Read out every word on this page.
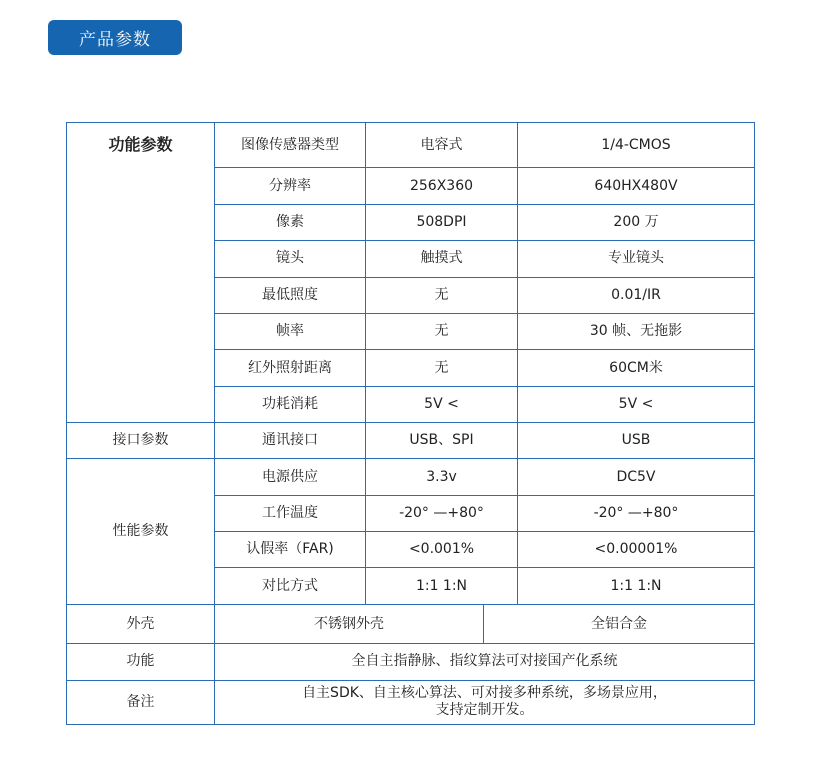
产品参数
功能参数	图像传感器类型	电容式		1/4-CMOS
	分辨率	256X360		640HX480V
	像素	508DPI		200 万
	镜头	触摸式		专业镜头
	最低照度	无		0.01/IR
	帧率	无		30 帧、无拖影
	红外照射距离	无		60CM米
	功耗消耗	5V <		5V <
接口参数	通讯接口	USB、SPI		USB
性能参数	电源供应	3.3v		DC5V
	工作温度	-20° —+80°		-20° —+80°
	认假率（FAR)	<0.001%		<0.00001%
	对比方式	1:1 1:N		1:1 1:N
外壳	不锈钢外壳		全铝合金	
功能	全自主指静脉、指纹算法可对接国产化系统			
备注	自主SDK、自主核心算法、可对接多种系统，多场景应用，
支持定制开发。			
